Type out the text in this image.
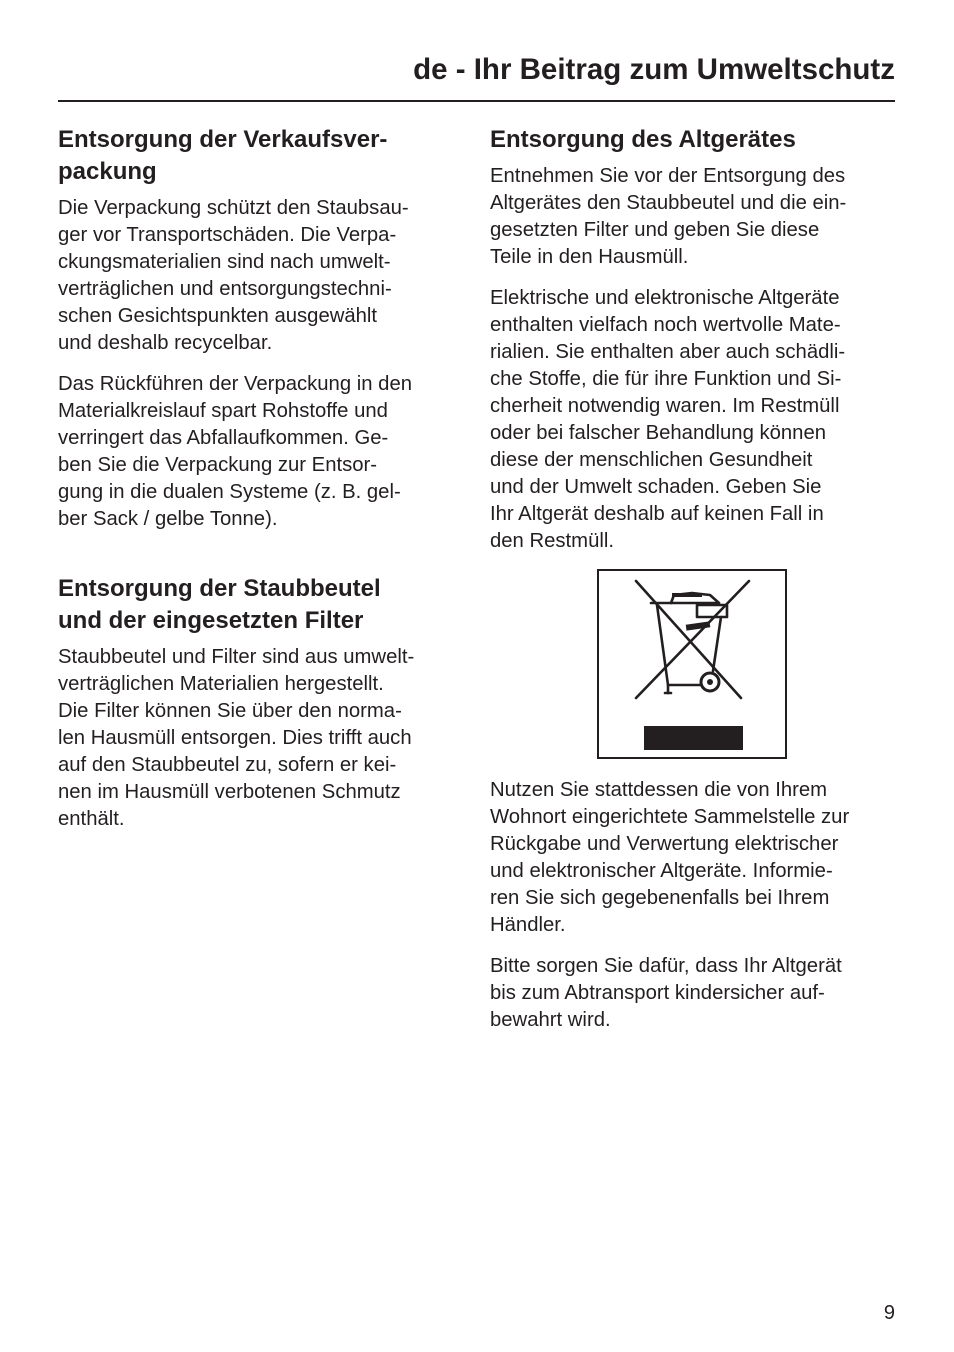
de - Ihr Beitrag zum Umweltschutz
Entsorgung der Verkaufsver-
packung

Die Verpackung schützt den Staubsau-
ger vor Transportschäden. Die Verpa-
ckungsmaterialien sind nach umwelt-
verträglichen und entsorgungstechni-
schen Gesichtspunkten ausgewählt
und deshalb recycelbar.

Das Rückführen der Verpackung in den
Materialkreislauf spart Rohstoffe und
verringert das Abfallaufkommen. Ge-
ben Sie die Verpackung zur Entsor-
gung in die dualen Systeme (z. B. gel-
ber Sack / gelbe Tonne).

Entsorgung der Staubbeutel
und der eingesetzten Filter

Staubbeutel und Filter sind aus umwelt-
verträglichen Materialien hergestellt.
Die Filter können Sie über den norma-
len Hausmüll entsorgen. Dies trifft auch
auf den Staubbeutel zu, sofern er kei-
nen im Hausmüll verbotenen Schmutz
enthält.

Entsorgung des Altgerätes

Entnehmen Sie vor der Entsorgung des
Altgerätes den Staubbeutel und die ein-
gesetzten Filter und geben Sie diese
Teile in den Hausmüll.

Elektrische und elektronische Altgeräte
enthalten vielfach noch wertvolle Mate-
rialien. Sie enthalten aber auch schädli-
che Stoffe, die für ihre Funktion und Si-
cherheit notwendig waren. Im Restmüll
oder bei falscher Behandlung können
diese der menschlichen Gesundheit
und der Umwelt schaden. Geben Sie
Ihr Altgerät deshalb auf keinen Fall in
den Restmüll.

Nutzen Sie stattdessen die von Ihrem
Wohnort eingerichtete Sammelstelle zur
Rückgabe und Verwertung elektrischer
und elektronischer Altgeräte. Informie-
ren Sie sich gegebenenfalls bei Ihrem
Händler.

Bitte sorgen Sie dafür, dass Ihr Altgerät
bis zum Abtransport kindersicher auf-
bewahrt wird.

9
